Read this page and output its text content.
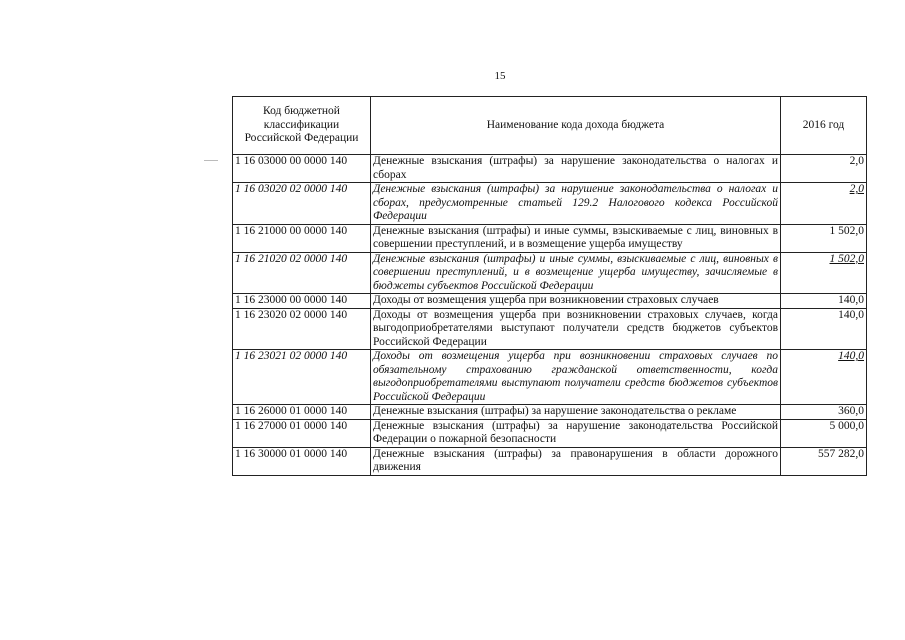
15
Код бюджетной классификации Российской Федерации	Наименование кода дохода бюджета	2016 год
1 16 03000 00 0000 140	Денежные взыскания (штрафы) за нарушение законодательства о налогах и сборах	2,0
1 16 03020 02 0000 140	Денежные взыскания (штрафы) за нарушение законодательства о налогах и сборах, предусмотренные статьей 129.2 Налогового кодекса Российской Федерации	2,0
1 16 21000 00 0000 140	Денежные взыскания (штрафы) и иные суммы, взыскиваемые с лиц, виновных в совершении преступлений, и в возмещение ущерба имуществу	1 502,0
1 16 21020 02 0000 140	Денежные взыскания (штрафы) и иные суммы, взыскиваемые с лиц, виновных в совершении преступлений, и в возмещение ущерба имуществу, зачисляемые в бюджеты субъектов Российской Федерации	1 502,0
1 16 23000 00 0000 140	Доходы от возмещения ущерба при возникновении страховых случаев	140,0
1 16 23020 02 0000 140	Доходы от возмещения ущерба при возникновении страховых случаев, когда выгодоприобретателями выступают получатели средств бюджетов субъектов Российской Федерации	140,0
1 16 23021 02 0000 140	Доходы от возмещения ущерба при возникновении страховых случаев по обязательному страхованию гражданской ответственности, когда выгодоприобретателями выступают получатели средств бюджетов субъектов Российской Федерации	140,0
1 16 26000 01 0000 140	Денежные взыскания (штрафы) за нарушение законодательства о рекламе	360,0
1 16 27000 01 0000 140	Денежные взыскания (штрафы) за нарушение законодательства Российской Федерации о пожарной безопасности	5 000,0
1 16 30000 01 0000 140	Денежные взыскания (штрафы) за правонарушения в области дорожного движения	557 282,0
